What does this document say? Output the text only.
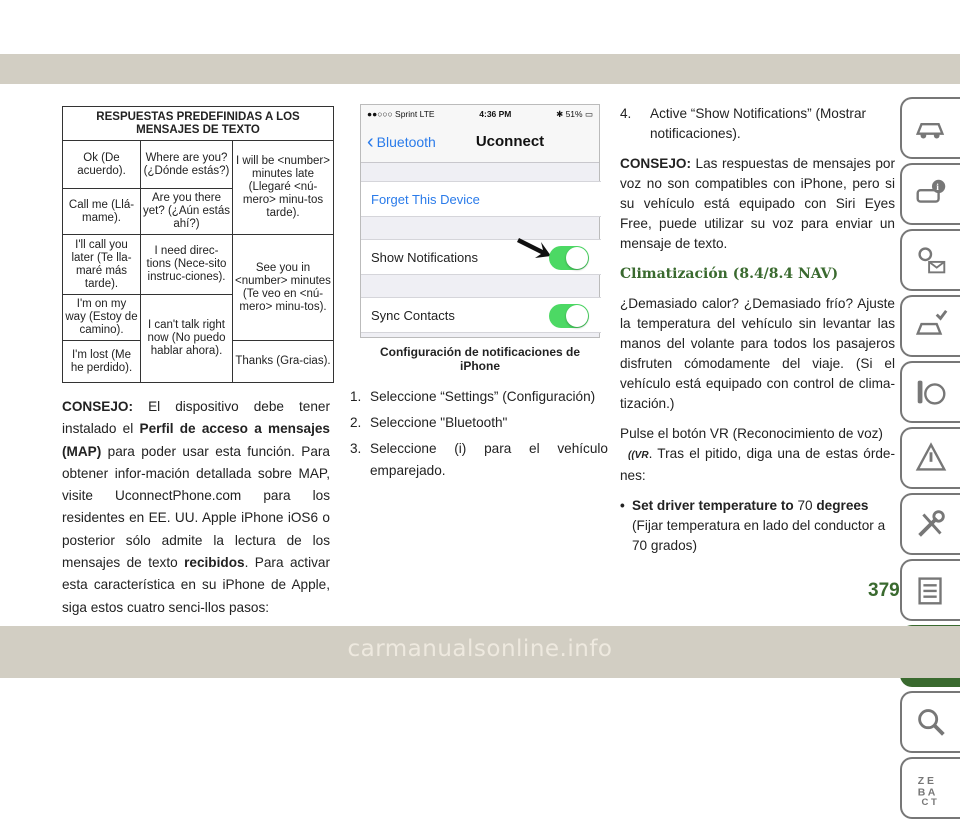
RESPUESTAS PREDEFINIDAS A LOS MENSAJES DE TEXTO		
Ok (De acuerdo).	Where are you? (¿Dónde estás?)	I will be <number> minutes late (Llegaré <nú-mero> minu-tos tarde).
Call me (Llá-mame).	Are you there yet? (¿Aún estás ahí?)	
I'll call you later (Te lla-maré más tarde).	I need direc-tions (Nece-sito instruc-ciones).	See you in <number> minutes (Te veo en <nú-mero> minu-tos).
I'm on my way (Estoy de camino).	I can't talk right now (No puedo hablar ahora).	
I'm lost (Me he perdido).		Thanks (Gra-cias).
CONSEJO: El dispositivo debe tener instalado el Perfil de acceso a mensajes (MAP) para poder usar esta función. Para obtener infor-mación detallada sobre MAP, visite UconnectPhone.com para los residentes en EE. UU. Apple iPhone iOS6 o posterior sólo admite la lectura de los mensajes de texto recibidos. Para activar esta característica en su iPhone de Apple, siga estos cuatro senci-llos pasos:
●●○○○ Sprint LTE	4:36 PM	✱ 51% ▭
‹ Bluetooth	Uconnect
Forget This Device
Show Notifications
Sync Contacts
Configuración de notificaciones de iPhone
1. Seleccione “Settings” (Configuración)
2. Seleccione "Bluetooth"
3. Seleccione (i) para el vehículo emparejado.
4.	Active “Show Notifications” (Mostrar notificaciones).

CONSEJO: Las respuestas de mensajes por voz no son compatibles con iPhone, pero si su vehículo está equipado con Siri Eyes Free, puede utilizar su voz para enviar un mensaje de texto.

Climatización (8.4/8.4 NAV)

¿Demasiado calor? ¿Demasiado frío? Ajuste la temperatura del vehículo sin levantar las manos del volante para todos los pasajeros disfruten cómodamente del viaje. (Si el vehículo está equipado con control de clima-tización.)

Pulse el botón VR (Reconocimiento de voz)
((VR. Tras el pitido, diga una de estas órde-nes:

• Set driver temperature to 70 degrees (Fijar temperatura en lado del conductor a 70 grados)
i
Z E
B A
C T
379
carmanualsonline.info
